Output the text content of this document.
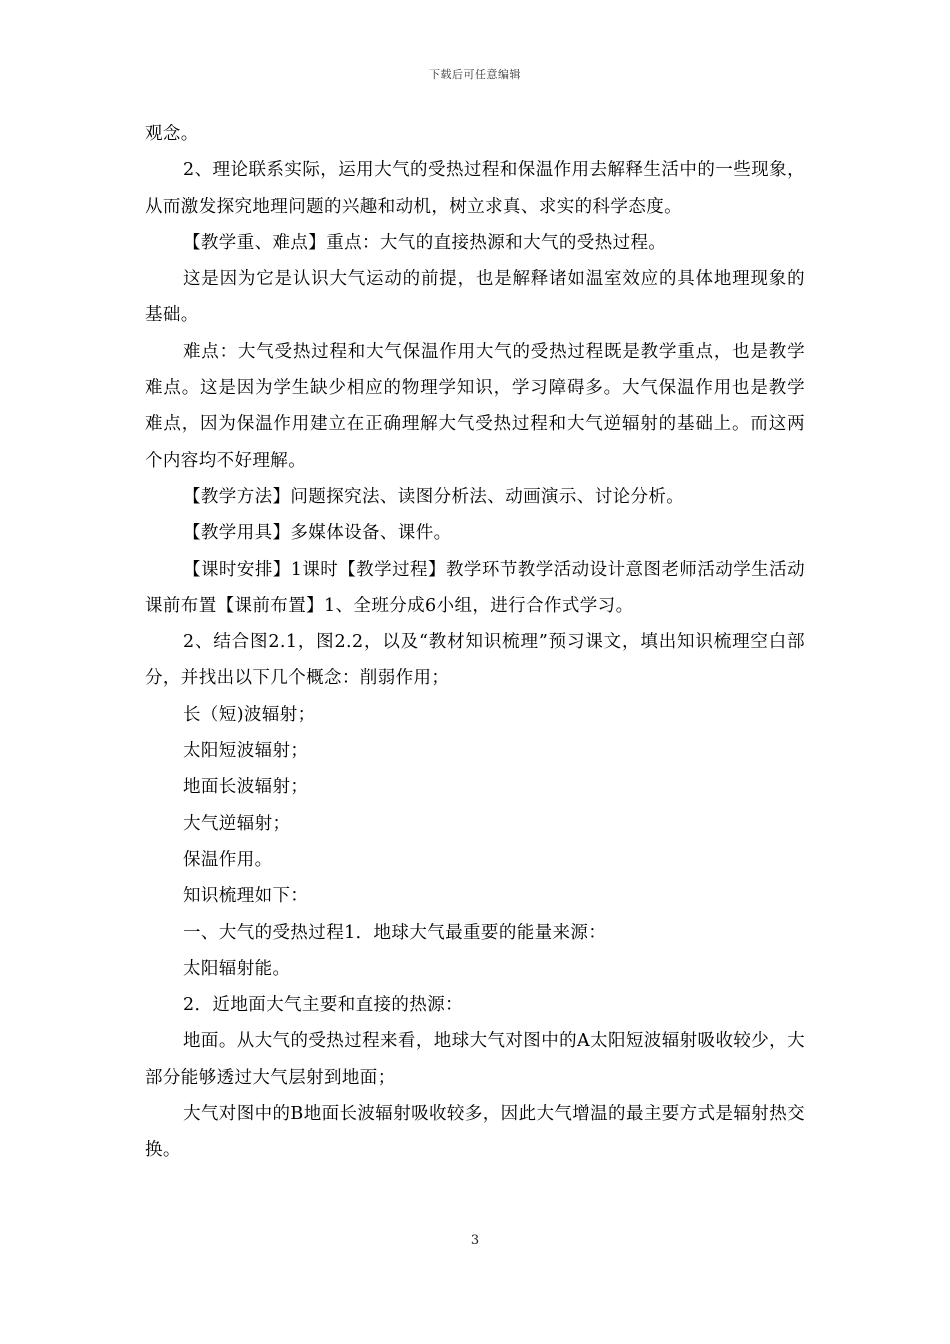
下载后可任意编辑

观念。

2、理论联系实际，运用大气的受热过程和保温作用去解释生活中的一些现象，从而激发探究地理问题的兴趣和动机，树立求真、求实的科学态度。

【教学重、难点】重点：大气的直接热源和大气的受热过程。

这是因为它是认识大气运动的前提，也是解释诸如温室效应的具体地理现象的基础。

难点：大气受热过程和大气保温作用大气的受热过程既是教学重点，也是教学难点。这是因为学生缺少相应的物理学知识，学习障碍多。大气保温作用也是教学难点，因为保温作用建立在正确理解大气受热过程和大气逆辐射的基础上。而这两个内容均不好理解。

【教学方法】问题探究法、读图分析法、动画演示、讨论分析。

【教学用具】多媒体设备、课件。

【课时安排】1课时【教学过程】教学环节教学活动设计意图老师活动学生活动课前布置【课前布置】1、全班分成6小组，进行合作式学习。

2、结合图2.1，图2.2，以及“教材知识梳理”预习课文，填出知识梳理空白部分，并找出以下几个概念：削弱作用；

长（短)波辐射；

太阳短波辐射；

地面长波辐射；

大气逆辐射；

保温作用。

知识梳理如下：

一、大气的受热过程1．地球大气最重要的能量来源：

太阳辐射能。

2．近地面大气主要和直接的热源：

地面。从大气的受热过程来看，地球大气对图中的A太阳短波辐射吸收较少，大部分能够透过大气层射到地面；

大气对图中的B地面长波辐射吸收较多，因此大气增温的最主要方式是辐射热交换。

3
